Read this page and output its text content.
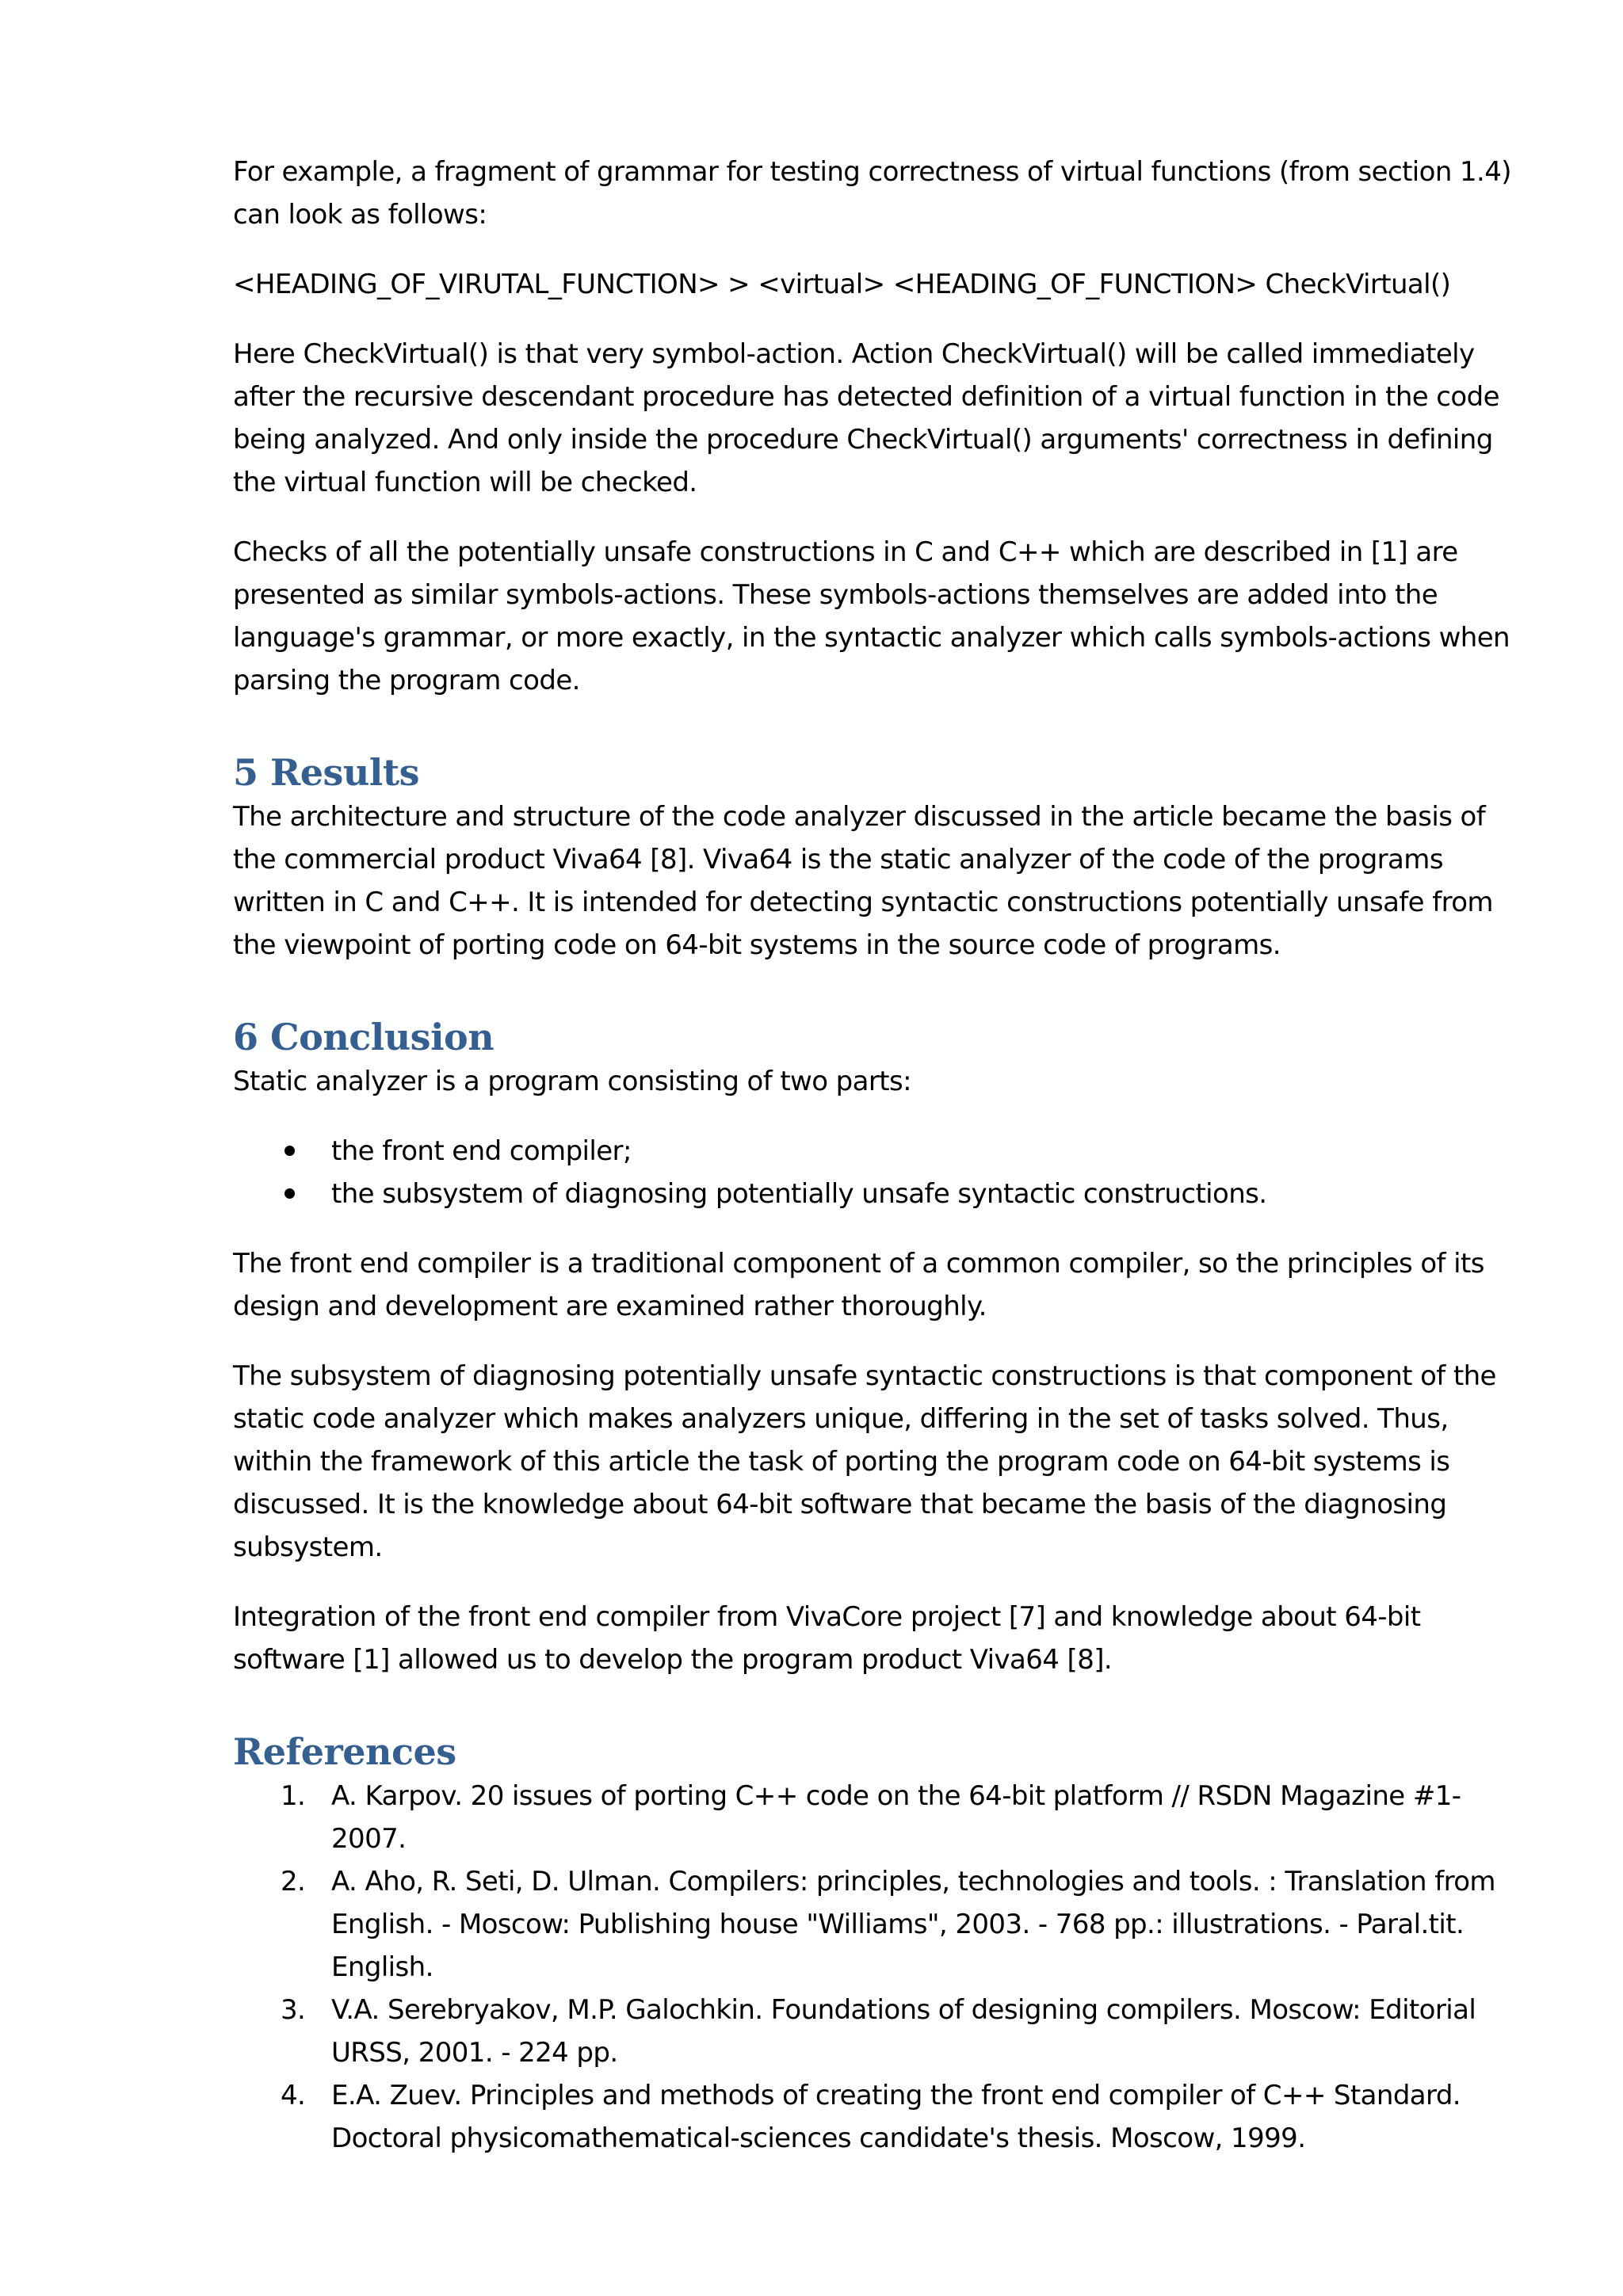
For example, a fragment of grammar for testing correctness of virtual functions (from section 1.4) can look as follows:

<HEADING_OF_VIRUTAL_FUNCTION> > <virtual> <HEADING_OF_FUNCTION> CheckVirtual()

Here CheckVirtual() is that very symbol-action. Action CheckVirtual() will be called immediately after the recursive descendant procedure has detected definition of a virtual function in the code being analyzed. And only inside the procedure CheckVirtual() arguments' correctness in defining the virtual function will be checked.

Checks of all the potentially unsafe constructions in C and C++ which are described in [1] are presented as similar symbols-actions. These symbols-actions themselves are added into the language's grammar, or more exactly, in the syntactic analyzer which calls symbols-actions when parsing the program code.

5 Results

The architecture and structure of the code analyzer discussed in the article became the basis of the commercial product Viva64 [8]. Viva64 is the static analyzer of the code of the programs written in C and C++. It is intended for detecting syntactic constructions potentially unsafe from the viewpoint of porting code on 64-bit systems in the source code of programs.

6 Conclusion

Static analyzer is a program consisting of two parts:

the front end compiler;
the subsystem of diagnosing potentially unsafe syntactic constructions.

The front end compiler is a traditional component of a common compiler, so the principles of its design and development are examined rather thoroughly.

The subsystem of diagnosing potentially unsafe syntactic constructions is that component of the static code analyzer which makes analyzers unique, differing in the set of tasks solved. Thus, within the framework of this article the task of porting the program code on 64-bit systems is discussed. It is the knowledge about 64-bit software that became the basis of the diagnosing subsystem.

Integration of the front end compiler from VivaCore project [7] and knowledge about 64-bit software [1] allowed us to develop the program product Viva64 [8].

References
1. A. Karpov. 20 issues of porting C++ code on the 64-bit platform // RSDN Magazine #1-2007.
2. A. Aho, R. Seti, D. Ulman. Compilers: principles, technologies and tools. : Translation from English. - Moscow: Publishing house "Williams", 2003. - 768 pp.: illustrations. - Paral.tit. English.
3. V.A. Serebryakov, M.P. Galochkin. Foundations of designing compilers. Moscow: Editorial URSS, 2001. - 224 pp.
4. E.A. Zuev. Principles and methods of creating the front end compiler of C++ Standard. Doctoral physicomathematical-sciences candidate's thesis. Moscow, 1999.
